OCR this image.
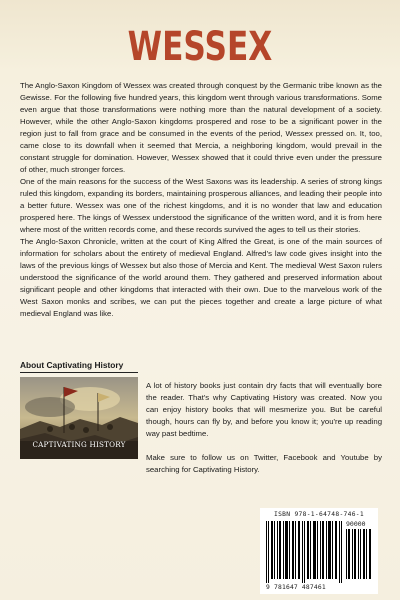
WESSEX

The Anglo-Saxon Kingdom of Wessex was created through conquest by the Germanic tribe known as the Gewisse. For the following five hundred years, this kingdom went through various transformations. Some even argue that those transformations were nothing more than the natural development of a society. However, while the other Anglo-Saxon kingdoms prospered and rose to be a significant power in the region just to fall from grace and be consumed in the events of the period, Wessex pressed on. It, too, came close to its downfall when it seemed that Mercia, a neighboring kingdom, would prevail in the constant struggle for domination. However, Wessex showed that it could thrive even under the pressure of other, much stronger forces.

One of the main reasons for the success of the West Saxons was its leadership. A series of strong kings ruled this kingdom, expanding its borders, maintaining prosperous alliances, and leading their people into a better future. Wessex was one of the richest kingdoms, and it is no wonder that law and education prospered here. The kings of Wessex understood the significance of the written word, and it is from here where most of the written records come, and these records survived the ages to tell us their stories.

The Anglo-Saxon Chronicle, written at the court of King Alfred the Great, is one of the main sources of information for scholars about the entirety of medieval England. Alfred’s law code gives insight into the laws of the previous kings of Wessex but also those of Mercia and Kent. The medieval West Saxon rulers understood the significance of the world around them. They gathered and preserved information about significant people and other kingdoms that interacted with their own. Due to the marvelous work of the West Saxon monks and scribes, we can put the pieces together and create a large picture of what medieval England was like.

About Captivating History
CAPTIVATING HISTORY

A lot of history books just contain dry facts that will eventually bore the reader. That's why Captivating History was created. Now you can enjoy history books that will mesmerize you. But be careful though, hours can fly by, and before you know it; you're up reading way past bedtime.

Make sure to follow us on Twitter, Facebook and Youtube by searching for Captivating History.

ISBN 978-1-64748-746-1
90000
9 781647 487461
